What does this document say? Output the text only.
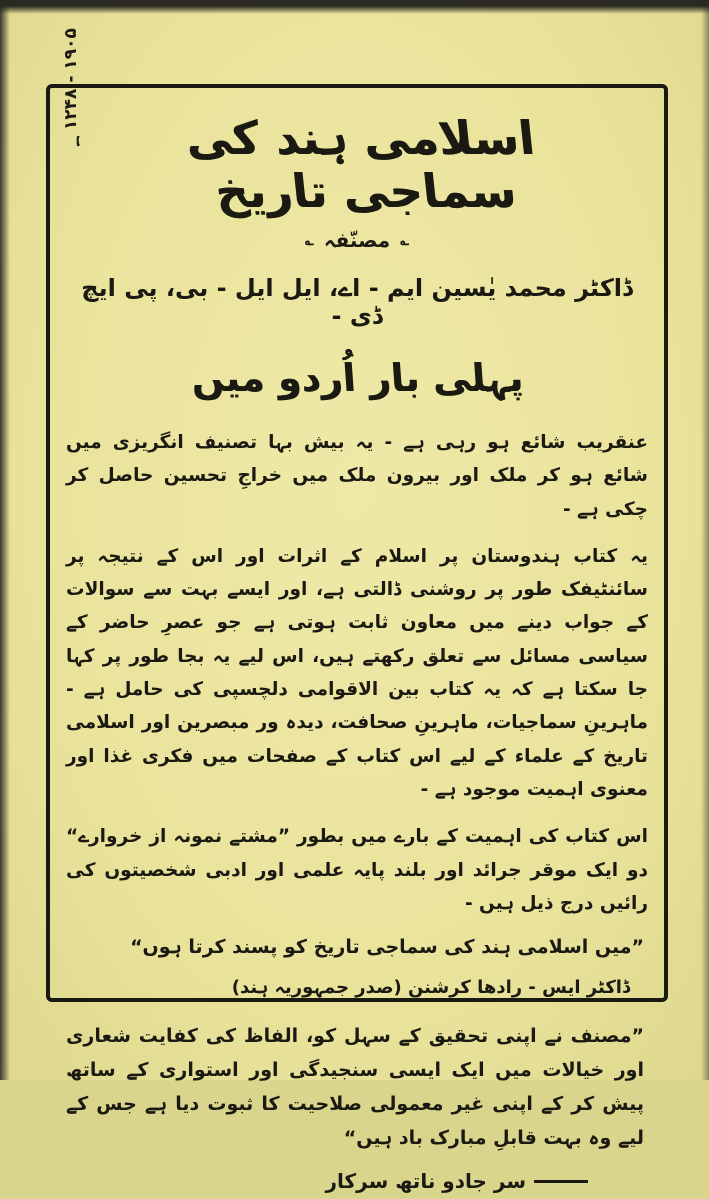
۱۹۰۵ - ۱۲۴۸ ؁
اسلامی ہند کی سماجی تاریخ
؎
مصنّفہ
؎
ڈاکٹر محمد یٰسین ایم - اے، ایل ایل - بی، پی ایچ ڈی -
پہلی بار اُردو میں

عنقریب شائع ہو رہی ہے - یہ بیش بہا تصنیف انگریزی میں شائع ہو کر ملک اور بیرون ملک میں خراجِ تحسین حاصل کر چکی ہے -

یہ کتاب ہندوستان پر اسلام کے اثرات اور اس کے نتیجہ پر سائنٹیفک طور پر روشنی ڈالتی ہے، اور ایسے بہت سے سوالات کے جواب دینے میں معاون ثابت ہوتی ہے جو عصرِ حاضر کے سیاسی مسائل سے تعلق رکھتے ہیں، اس لیے یہ بجا طور پر کہا جا سکتا ہے کہ یہ کتاب بین الاقوامی دلچسپی کی حامل ہے - ماہرینِ سماجیات، ماہرینِ صحافت، دیدہ ور مبصرین اور اسلامی تاریخ کے علماء کے لیے اس کتاب کے صفحات میں فکری غذا اور معنوی اہمیت موجود ہے -

اس کتاب کی اہمیت کے بارے میں بطور ”مشتے نمونہ از خروارے“ دو ایک موقر جرائد اور بلند پایہ علمی اور ادبی شخصیتوں کی رائیں درج ذیل ہیں -

”میں اسلامی ہند کی سماجی تاریخ کو پسند کرتا ہوں“

ڈاکٹر ایس - رادھا کرشنن (صدر جمہوریہ ہند)

”مصنف نے اپنی تحقیق کے سہل کو، الفاظ کی کفایت شعاری اور خیالات میں ایک ایسی سنجیدگی اور استواری کے ساتھ پیش کر کے اپنی غیر معمولی صلاحیت کا ثبوت دیا ہے جس کے لیے وہ بہت قابلِ مبارک باد ہیں“

سر جادو ناتھ سرکار
